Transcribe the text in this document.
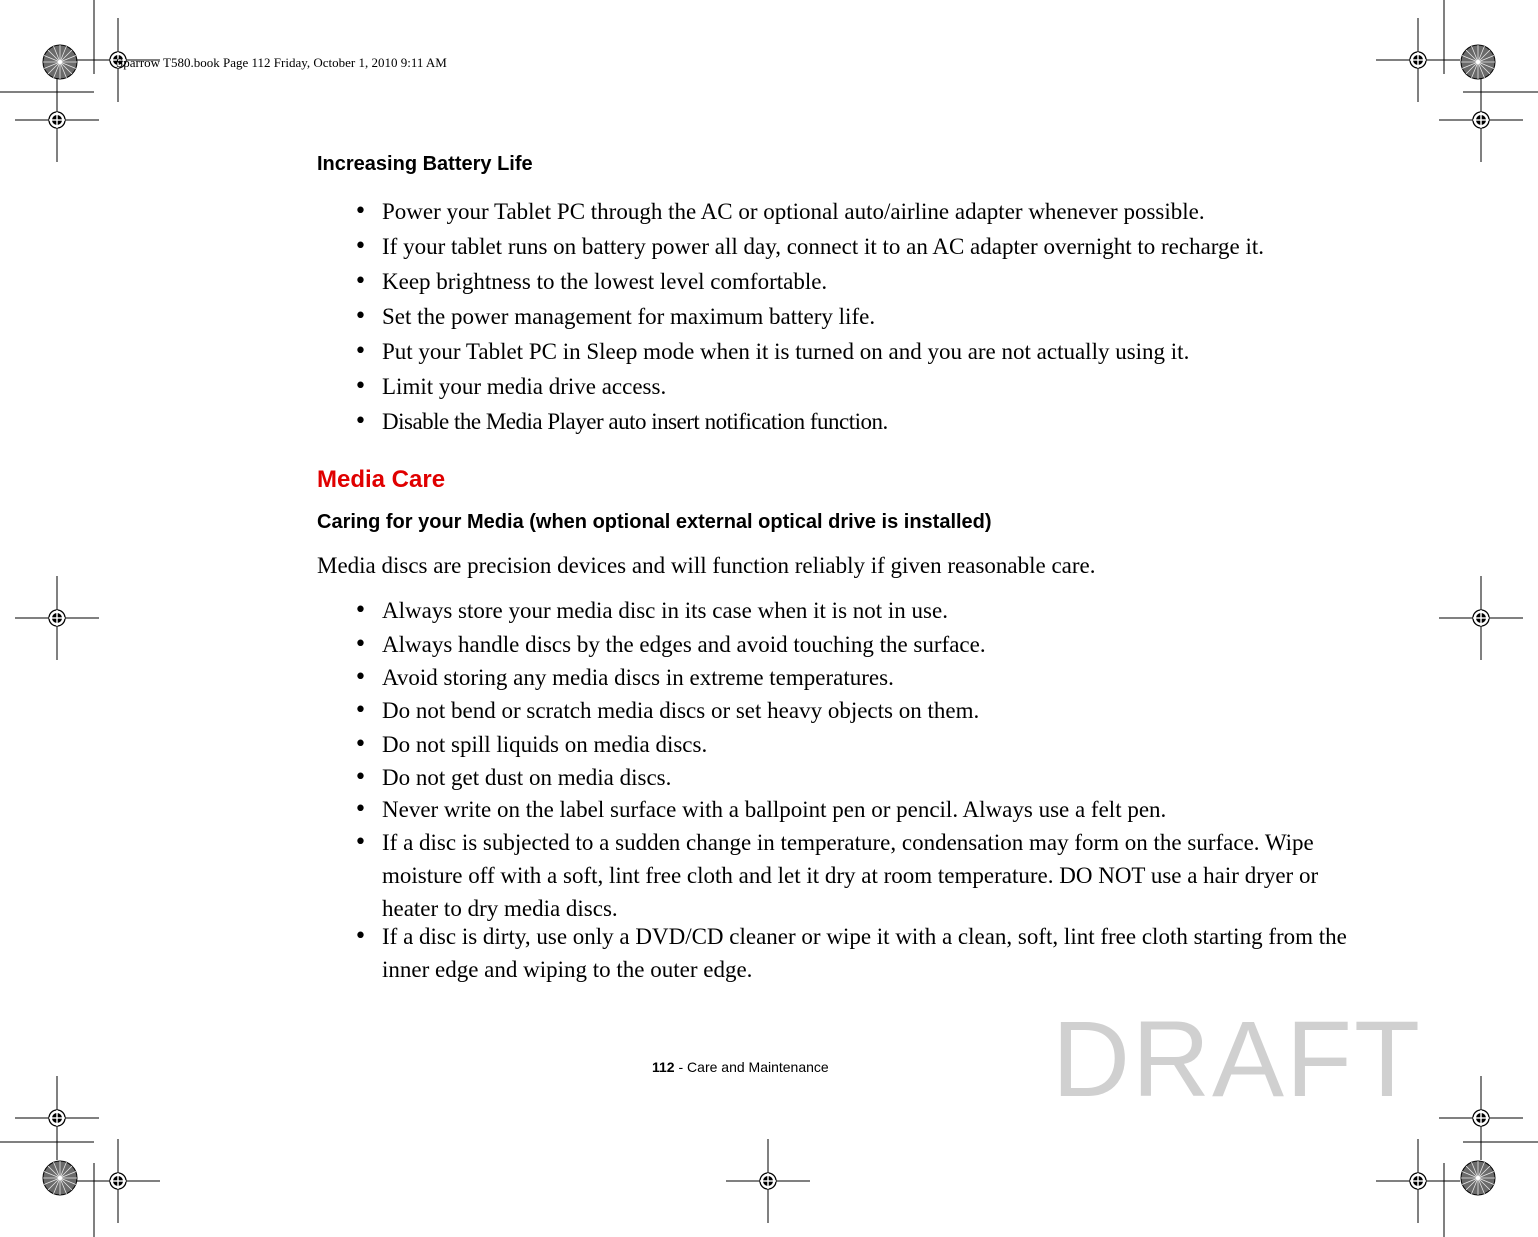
Sparrow T580.book Page 112 Friday, October 1, 2010 9:11 AM
Increasing Battery Life
• Power your Tablet PC through the AC or optional auto/airline adapter whenever possible.
• If your tablet runs on battery power all day, connect it to an AC adapter overnight to recharge it.
• Keep brightness to the lowest level comfortable.
• Set the power management for maximum battery life.
• Put your Tablet PC in Sleep mode when it is turned on and you are not actually using it.
• Limit your media drive access.
• Disable the Media Player auto insert notification function.
Media Care
Caring for your Media (when optional external optical drive is installed)

Media discs are precision devices and will function reliably if given reasonable care.

• Always store your media disc in its case when it is not in use.
• Always handle discs by the edges and avoid touching the surface.
• Avoid storing any media discs in extreme temperatures.
• Do not bend or scratch media discs or set heavy objects on them.
• Do not spill liquids on media discs.
• Do not get dust on media discs.
• Never write on the label surface with a ballpoint pen or pencil. Always use a felt pen.
• If a disc is subjected to a sudden change in temperature, condensation may form on the surface. Wipe moisture off with a soft, lint free cloth and let it dry at room temperature. DO NOT use a hair dryer or heater to dry media discs.
• If a disc is dirty, use only a DVD/CD cleaner or wipe it with a clean, soft, lint free cloth starting from the inner edge and wiping to the outer edge.
112 - Care and Maintenance DRAFT
